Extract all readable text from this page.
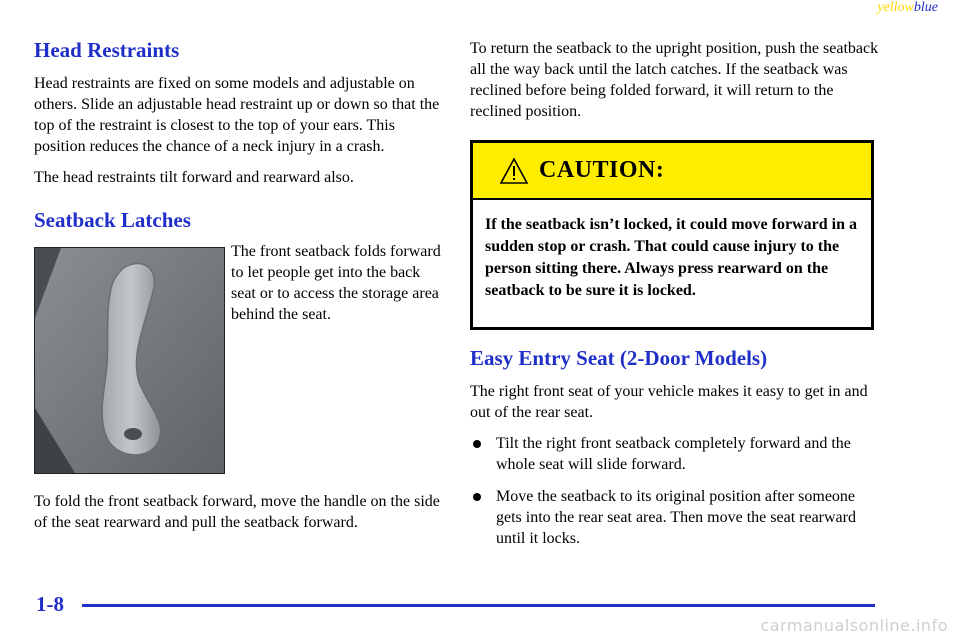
yellowblue
Head Restraints

Head restraints are fixed on some models and adjustable on others. Slide an adjustable head restraint up or down so that the top of the restraint is closest to the top of your ears. This position reduces the chance of a neck injury in a crash.

The head restraints tilt forward and rearward also.

Seatback Latches

The front seatback folds forward to let people get into the back seat or to access the storage area behind the seat.

To fold the front seatback forward, move the handle on the side of the seat rearward and pull the seatback forward.

To return the seatback to the upright position, push the seatback all the way back until the latch catches. If the seatback was reclined before being folded forward, it will return to the reclined position.

CAUTION:
If the seatback isn’t locked, it could move forward in a sudden stop or crash. That could cause injury to the person sitting there. Always press rearward on the seatback to be sure it is locked.
Easy Entry Seat (2-Door Models)

The right front seat of your vehicle makes it easy to get in and out of the rear seat.

Tilt the right front seatback completely forward and the whole seat will slide forward.
Move the seatback to its original position after someone gets into the rear seat area. Then move the seat rearward until it locks.
1-8
carmanualsonline.info
